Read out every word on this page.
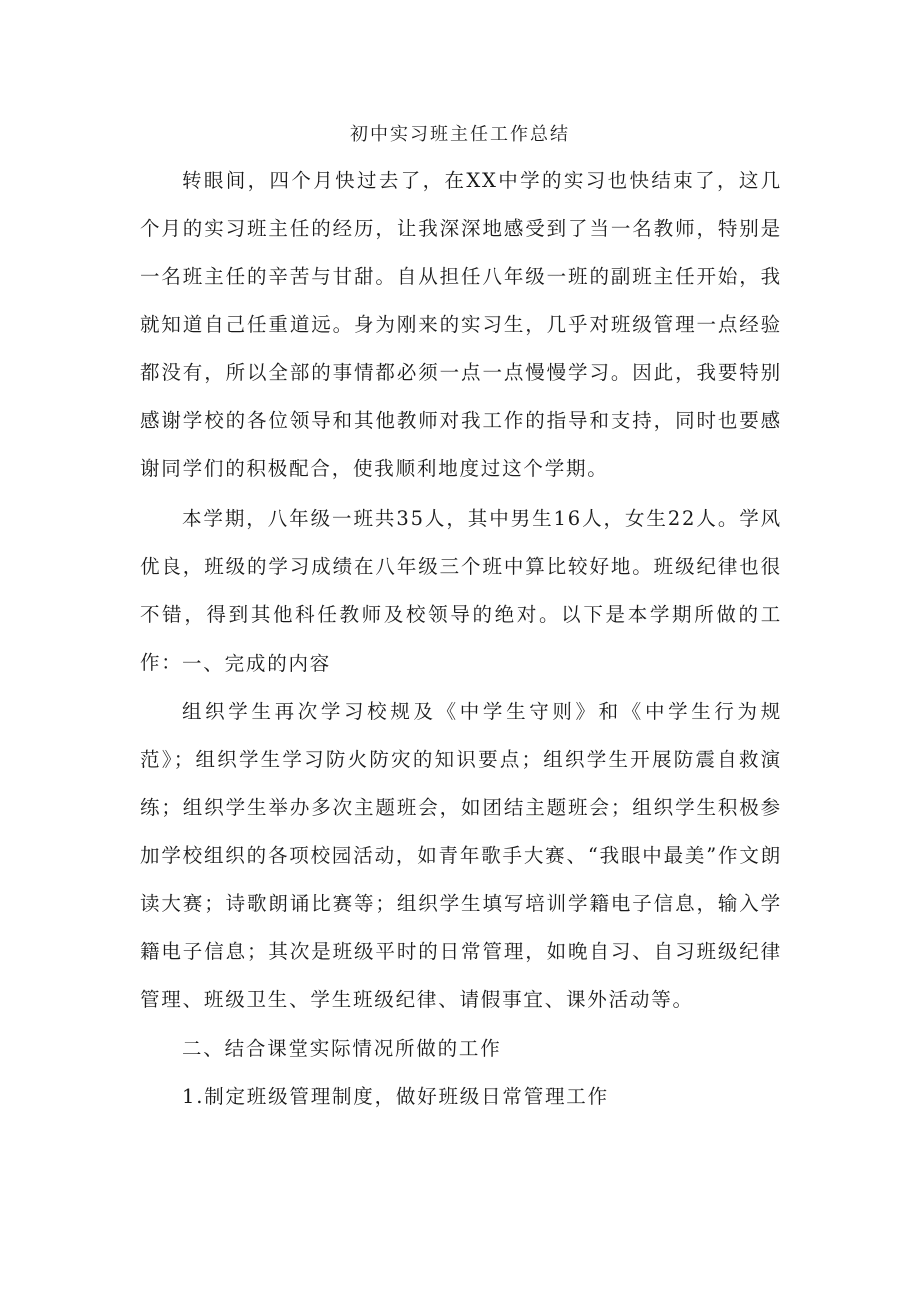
初中实习班主任工作总结

转眼间，四个月快过去了，在XX中学的实习也快结束了，这几个月的实习班主任的经历，让我深深地感受到了当一名教师，特别是一名班主任的辛苦与甘甜。自从担任八年级一班的副班主任开始，我就知道自己任重道远。身为刚来的实习生，几乎对班级管理一点经验都没有，所以全部的事情都必须一点一点慢慢学习。因此，我要特别感谢学校的各位领导和其他教师对我工作的指导和支持，同时也要感谢同学们的积极配合，使我顺利地度过这个学期。

本学期，八年级一班共35人，其中男生16人，女生22人。学风优良，班级的学习成绩在八年级三个班中算比较好地。班级纪律也很不错，得到其他科任教师及校领导的绝对。以下是本学期所做的工作： 一、完成的内容

组织学生再次学习校规及《中学生守则》和《中学生行为规范》；组织学生学习防火防灾的知识要点；组织学生开展防震自救演练；组织学生举办多次主题班会，如团结主题班会；组织学生积极参加学校组织的各项校园活动，如青年歌手大赛、“我眼中最美”作文朗读大赛；诗歌朗诵比赛等；组织学生填写培训学籍电子信息，输入学籍电子信息；其次是班级平时的日常管理，如晚自习、自习班级纪律管理、班级卫生、学生班级纪律、请假事宜、课外活动等。

二、结合课堂实际情况所做的工作

1.制定班级管理制度，做好班级日常管理工作
